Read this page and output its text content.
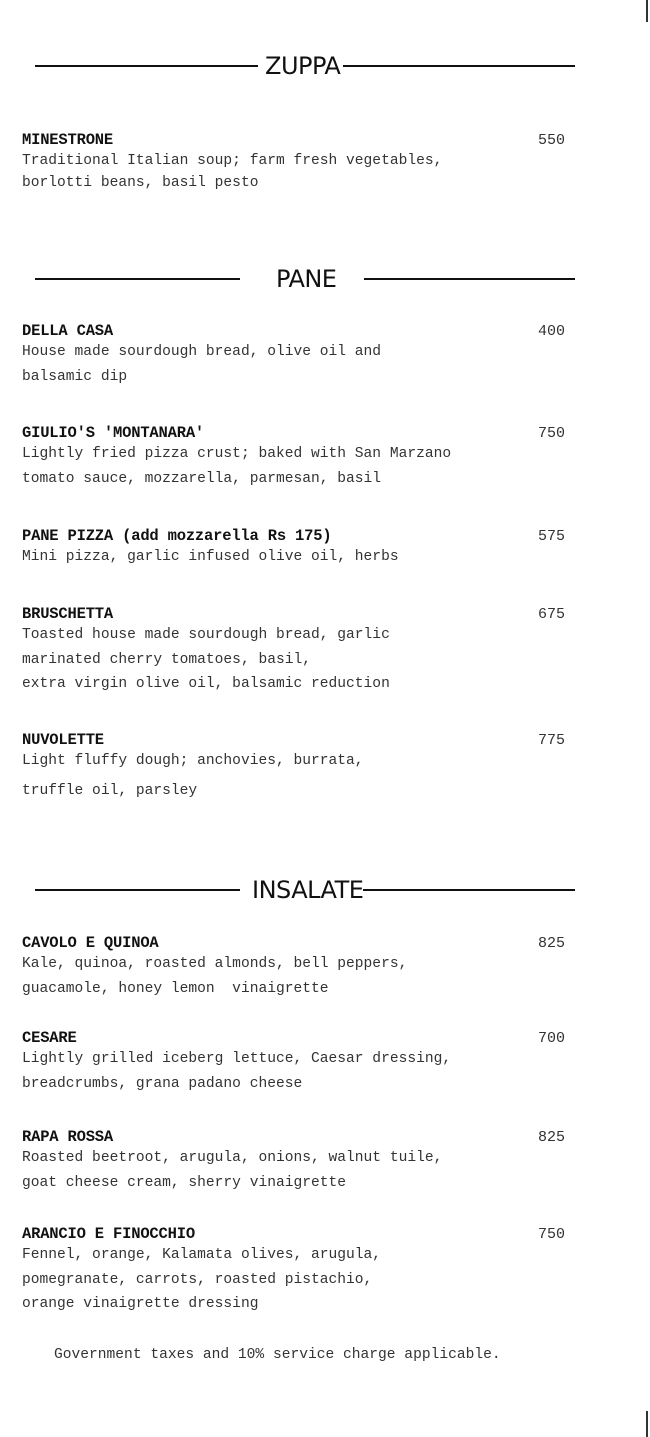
ZUPPA
MINESTRONE	550
Traditional Italian soup; farm fresh vegetables,
borlotti beans, basil pesto
PANE
DELLA CASA	400
House made sourdough bread, olive oil and
balsamic dip
GIULIO'S 'MONTANARA'	750
Lightly fried pizza crust; baked with San Marzano
tomato sauce, mozzarella, parmesan, basil
PANE PIZZA (add mozzarella Rs 175)	575
Mini pizza, garlic infused olive oil, herbs
BRUSCHETTA	675
Toasted house made sourdough bread, garlic
marinated cherry tomatoes, basil,
extra virgin olive oil, balsamic reduction
NUVOLETTE	775
Light fluffy dough; anchovies, burrata,
truffle oil, parsley
INSALATE
CAVOLO E QUINOA	825
Kale, quinoa, roasted almonds, bell peppers,
guacamole, honey lemon  vinaigrette
CESARE	700
Lightly grilled iceberg lettuce, Caesar dressing,
breadcrumbs, grana padano cheese
RAPA ROSSA	825
Roasted beetroot, arugula, onions, walnut tuile,
goat cheese cream, sherry vinaigrette
ARANCIO E FINOCCHIO	750
Fennel, orange, Kalamata olives, arugula,
pomegranate, carrots, roasted pistachio,
orange vinaigrette dressing
Government taxes and 10% service charge applicable.
